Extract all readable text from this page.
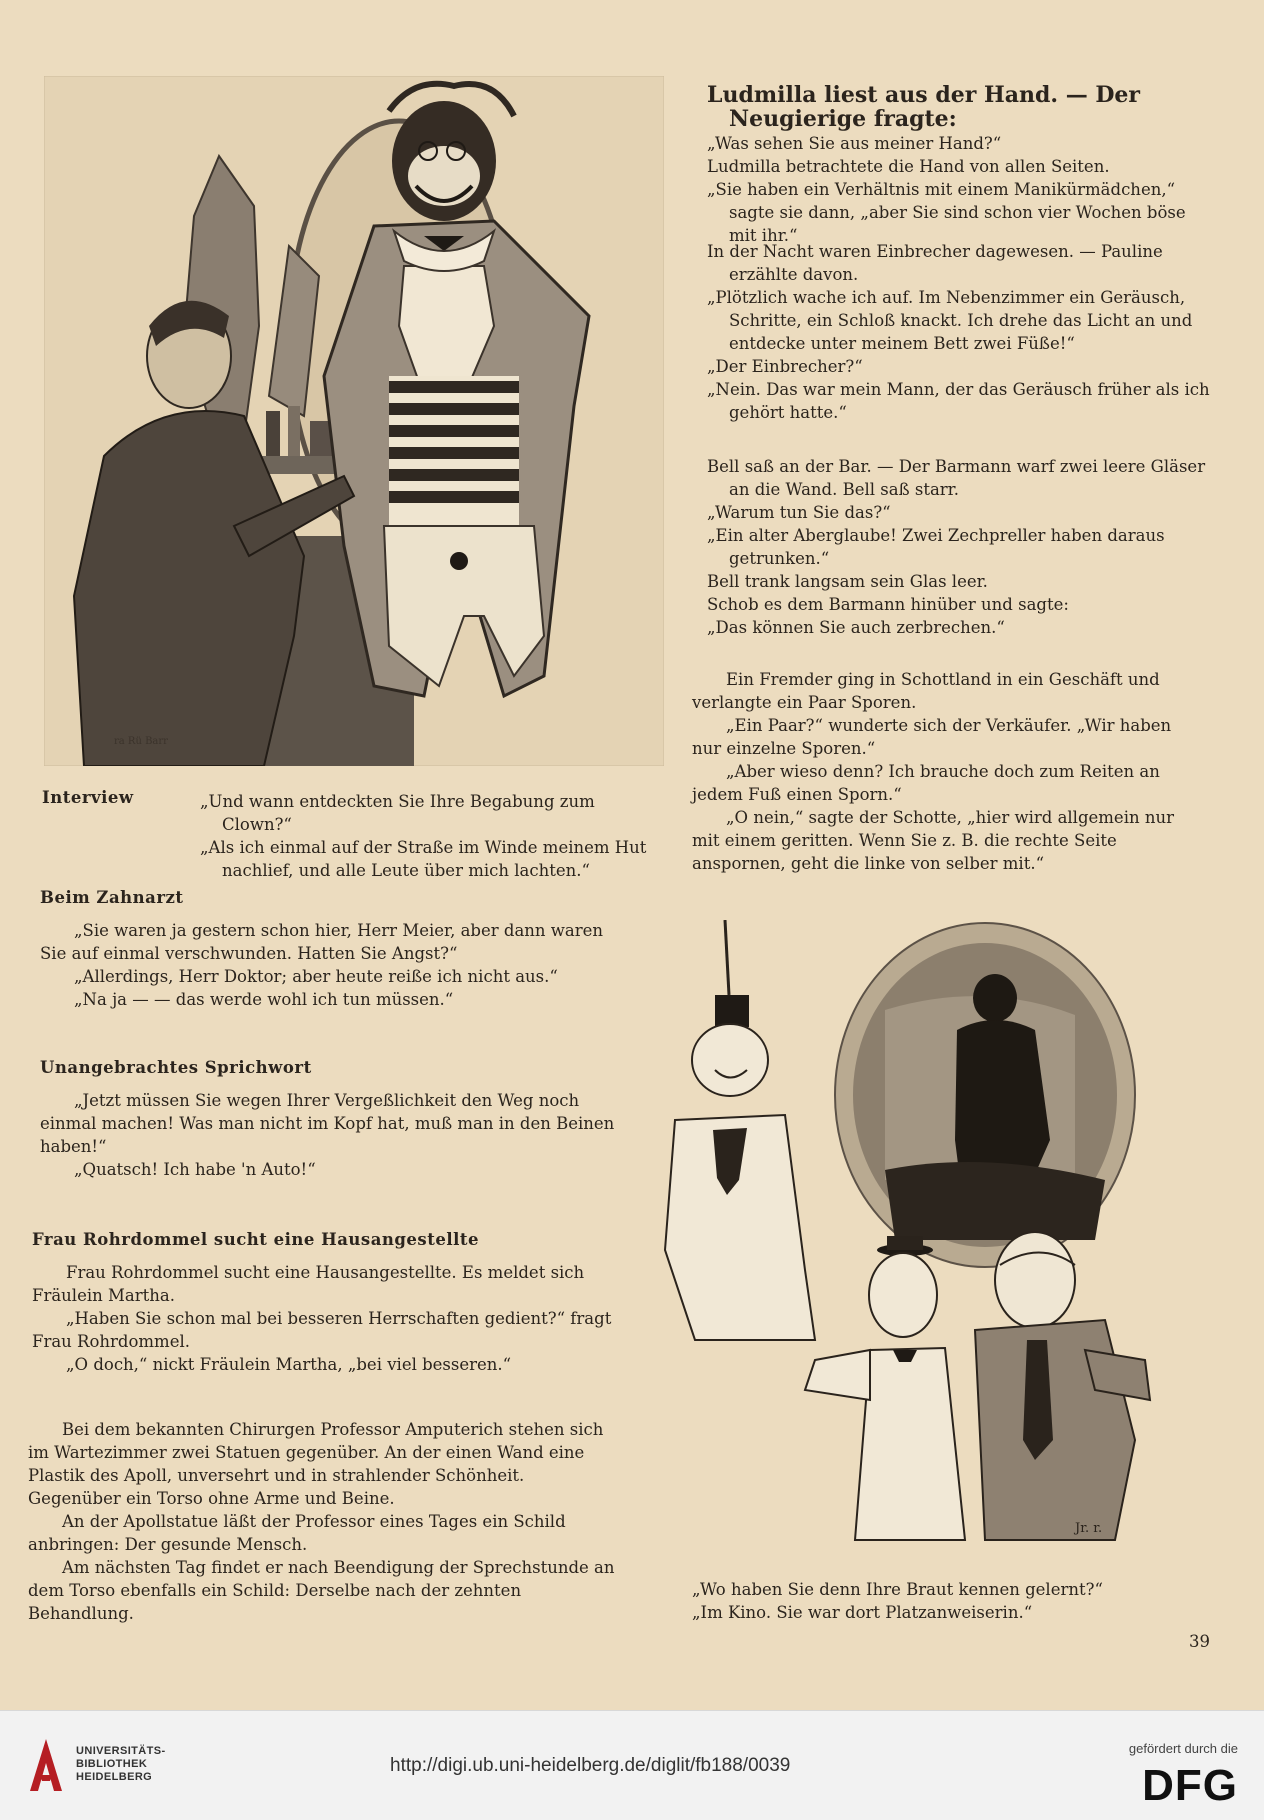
ra Rü Barr

Ludmilla liest aus der Hand. — Der Neugierige fragte:

„Was sehen Sie aus meiner Hand?“

Ludmilla betrachtete die Hand von allen Seiten.

„Sie haben ein Verhältnis mit einem Manikürmädchen,“ sagte sie dann, „aber Sie sind schon vier Wochen böse mit ihr.“

In der Nacht waren Einbrecher dagewesen. — Pauline erzählte davon.

„Plötzlich wache ich auf. Im Nebenzimmer ein Geräusch, Schritte, ein Schloß knackt. Ich drehe das Licht an und entdecke unter meinem Bett zwei Füße!“

„Der Einbrecher?“

„Nein. Das war mein Mann, der das Geräusch früher als ich gehört hatte.“

Bell saß an der Bar. — Der Barmann warf zwei leere Gläser an die Wand. Bell saß starr.

„Warum tun Sie das?“

„Ein alter Aberglaube! Zwei Zechpreller haben daraus getrunken.“

Bell trank langsam sein Glas leer.

Schob es dem Barmann hinüber und sagte:

„Das können Sie auch zerbrechen.“

Ein Fremder ging in Schottland in ein Geschäft und verlangte ein Paar Sporen.

„Ein Paar?“ wunderte sich der Verkäufer. „Wir haben nur einzelne Sporen.“

„Aber wieso denn? Ich brauche doch zum Reiten an jedem Fuß einen Sporn.“

„O nein,“ sagte der Schotte, „hier wird allgemein nur mit einem geritten. Wenn Sie z. B. die rechte Seite anspornen, geht die linke von selber mit.“

Interview	„Und wann entdeckten Sie Ihre Begabung zum Clown?“

„Als ich einmal auf der Straße im Winde meinem Hut nachlief, und alle Leute über mich lachten.“

Beim Zahnarzt

„Sie waren ja gestern schon hier, Herr Meier, aber dann waren Sie auf einmal verschwunden. Hatten Sie Angst?“

„Allerdings, Herr Doktor; aber heute reiße ich nicht aus.“

„Na ja — — das werde wohl ich tun müssen.“

Unangebrachtes Sprichwort

„Jetzt müssen Sie wegen Ihrer Vergeßlichkeit den Weg noch einmal machen! Was man nicht im Kopf hat, muß man in den Beinen haben!“

„Quatsch! Ich habe 'n Auto!“

Frau Rohrdommel sucht eine Hausangestellte

Frau Rohrdommel sucht eine Hausangestellte. Es meldet sich Fräulein Martha.

„Haben Sie schon mal bei besseren Herrschaften gedient?“ fragt Frau Rohrdommel.

„O doch,“ nickt Fräulein Martha, „bei viel besseren.“

Bei dem bekannten Chirurgen Professor Amputerich stehen sich im Wartezimmer zwei Statuen gegenüber. An der einen Wand eine Plastik des Apoll, unversehrt und in strahlender Schönheit. Gegenüber ein Torso ohne Arme und Beine.

An der Apollstatue läßt der Professor eines Tages ein Schild anbringen: Der gesunde Mensch.

Am nächsten Tag findet er nach Beendigung der Sprechstunde an dem Torso ebenfalls ein Schild: Derselbe nach der zehnten Behandlung.

Jr. r.

„Wo haben Sie denn Ihre Braut kennen gelernt?“

„Im Kino. Sie war dort Platzanweiserin.“

39

UNIVERSITÄTS-
BIBLIOTHEK
HEIDELBERG
http://digi.ub.uni-heidelberg.de/diglit/fb188/0039
gefördert durch die
DFG
